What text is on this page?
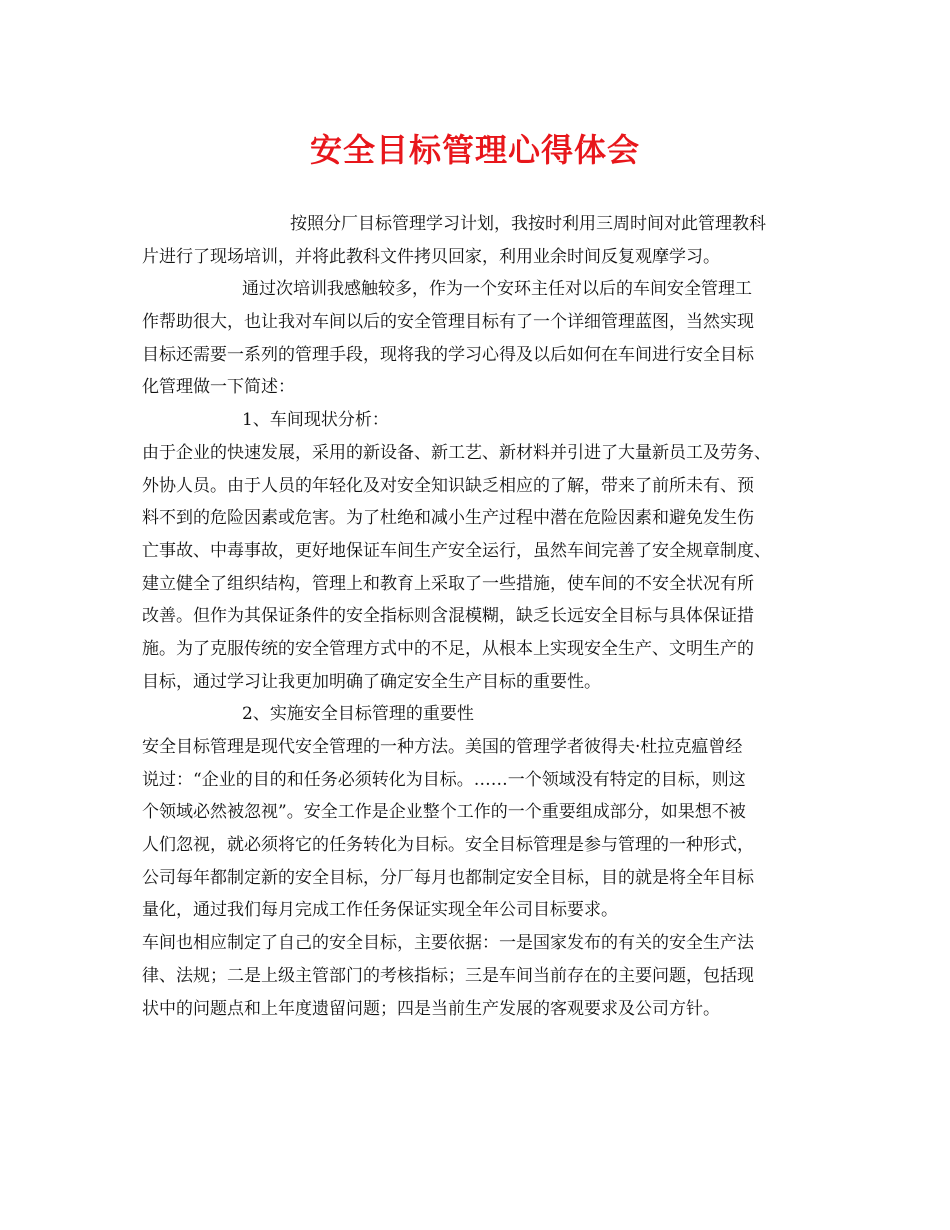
安全目标管理心得体会
按照分厂目标管理学习计划，我按时利用三周时间对此管理教科
片进行了现场培训，并将此教科文件拷贝回家，利用业余时间反复观摩学习。
通过次培训我感触较多，作为一个安环主任对以后的车间安全管理工
作帮助很大，也让我对车间以后的安全管理目标有了一个详细管理蓝图，当然实现
目标还需要一系列的管理手段，现将我的学习心得及以后如何在车间进行安全目标
化管理做一下简述：
1、车间现状分析：
由于企业的快速发展，采用的新设备、新工艺、新材料并引进了大量新员工及劳务、
外协人员。由于人员的年轻化及对安全知识缺乏相应的了解，带来了前所未有、预
料不到的危险因素或危害。为了杜绝和减小生产过程中潜在危险因素和避免发生伤
亡事故、中毒事故，更好地保证车间生产安全运行，虽然车间完善了安全规章制度、
建立健全了组织结构，管理上和教育上采取了一些措施，使车间的不安全状况有所
改善。但作为其保证条件的安全指标则含混模糊，缺乏长远安全目标与具体保证措
施。为了克服传统的安全管理方式中的不足，从根本上实现安全生产、文明生产的
目标，通过学习让我更加明确了确定安全生产目标的重要性。
2、实施安全目标管理的重要性
安全目标管理是现代安全管理的一种方法。美国的管理学者彼得夫·杜拉克瘟曾经
说过：“企业的目的和任务必须转化为目标。……一个领域没有特定的目标，则这
个领域必然被忽视”。安全工作是企业整个工作的一个重要组成部分，如果想不被
人们忽视，就必须将它的任务转化为目标。安全目标管理是参与管理的一种形式，
公司每年都制定新的安全目标，分厂每月也都制定安全目标，目的就是将全年目标
量化，通过我们每月完成工作任务保证实现全年公司目标要求。
车间也相应制定了自己的安全目标，主要依据：一是国家发布的有关的安全生产法
律、法规；二是上级主管部门的考核指标；三是车间当前存在的主要问题，包括现
状中的问题点和上年度遗留问题；四是当前生产发展的客观要求及公司方针。
